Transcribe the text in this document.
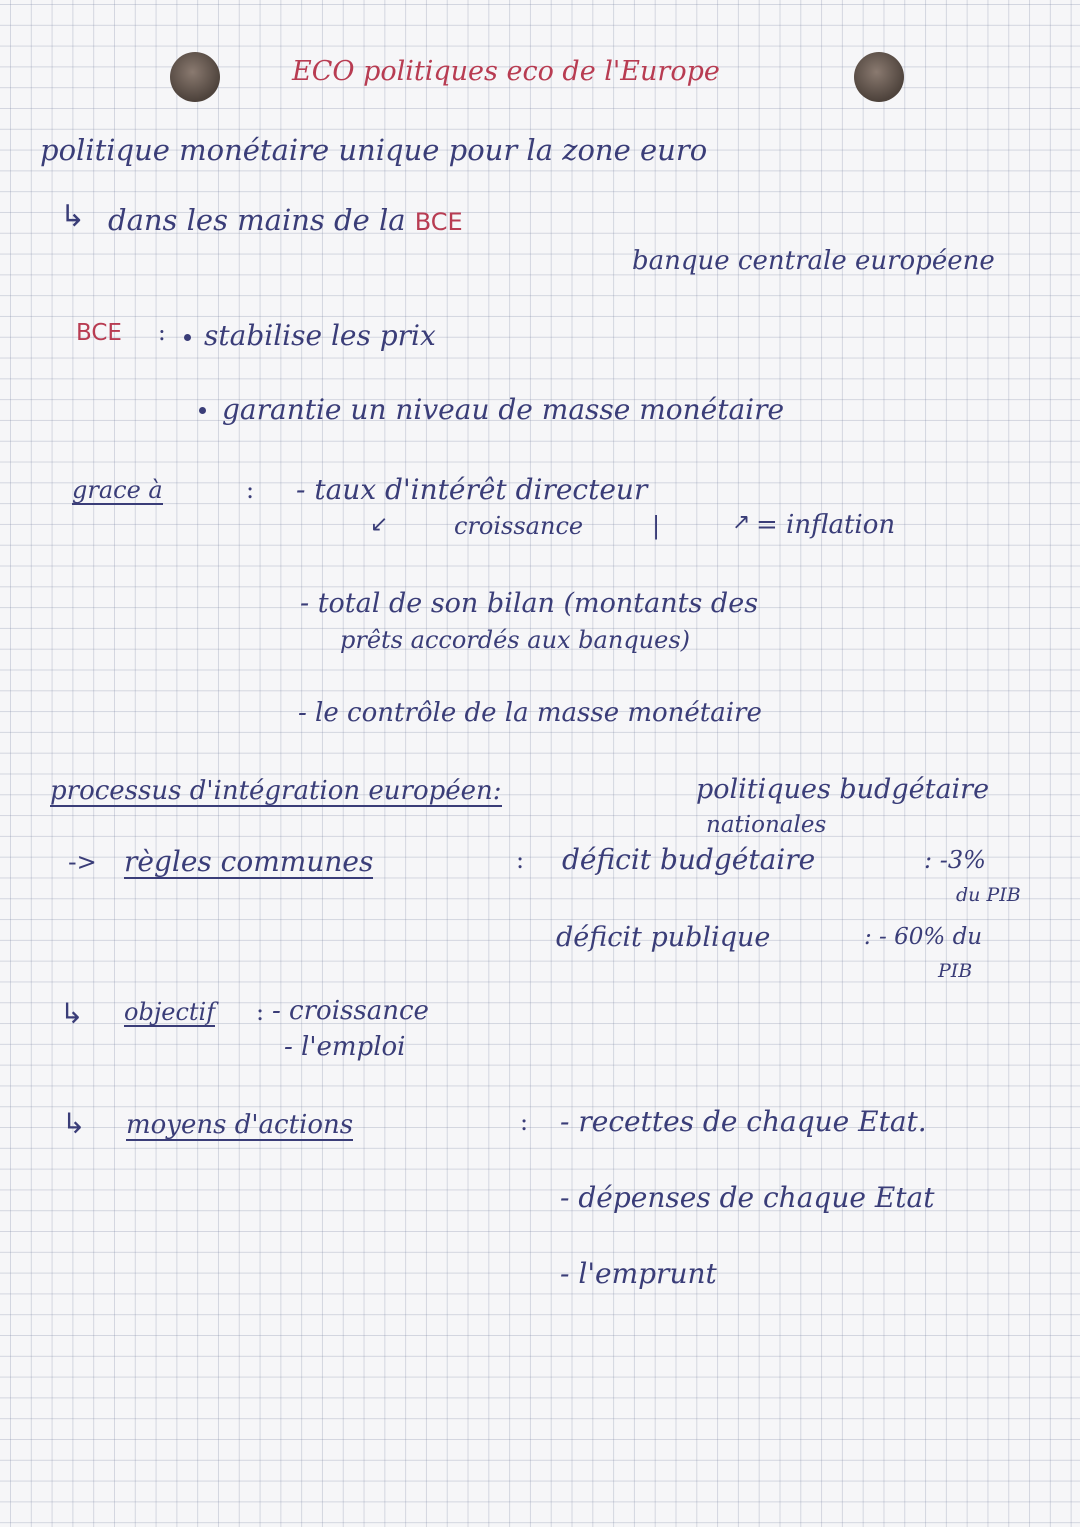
ECO politiques eco de l'Europe
politique monétaire unique pour la zone euro
↳ dans les mains de la BCE
banque centrale européene
BCE : stabilise les prix
garantie un niveau de masse monétaire
grace à	: - taux d'intérêt directeur
↙	croissance	|	↗ = inflation
- total de son bilan (montants des
prêts accordés aux banques)
- le contrôle de la masse monétaire
processus d'intégration européen:	politiques budgétaire
nationales
-> règles communes	: déficit budgétaire	: -3%
du PIB
déficit publique	: - 60% du
PIB
↳ objectif : - croissance
- l'emploi
↳ moyens d'actions	: - recettes de chaque Etat.
- dépenses de chaque Etat
- l'emprunt
